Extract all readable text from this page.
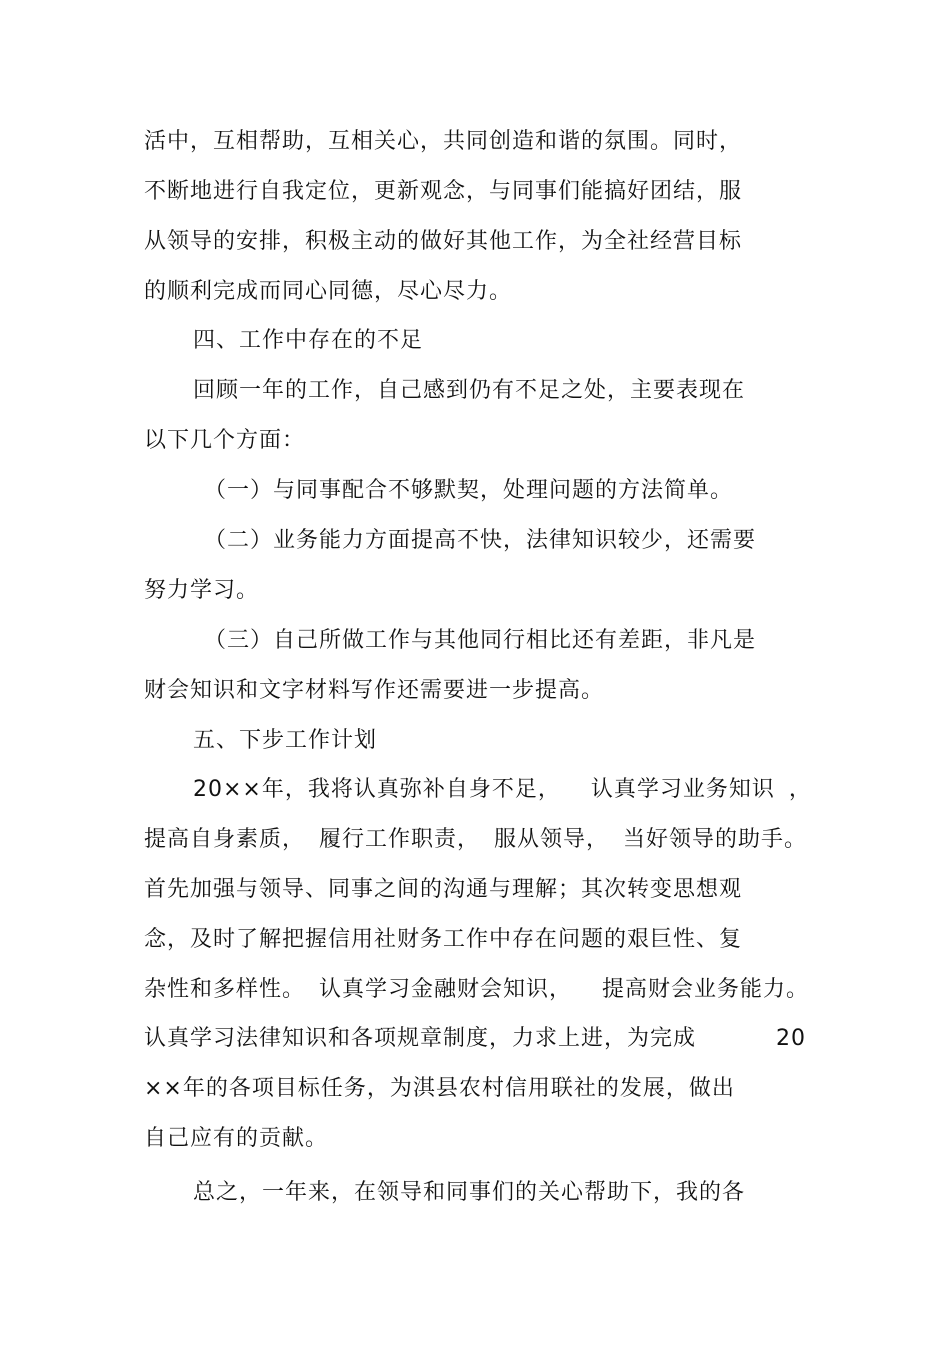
活中，互相帮助，互相关心，共同创造和谐的氛围。同时，
不断地进行自我定位，更新观念，与同事们能搞好团结，服
从领导的安排，积极主动的做好其他工作，为全社经营目标
的顺利完成而同心同德，尽心尽力。
四、工作中存在的不足
回顾一年的工作，自己感到仍有不足之处，主要表现在
以下几个方面：
（一）与同事配合不够默契，处理问题的方法简单。
（二）业务能力方面提高不快，法律知识较少，还需要
努力学习。
（三）自己所做工作与其他同行相比还有差距，非凡是
财会知识和文字材料写作还需要进一步提高。
五、下步工作计划
20××年，我将认真弥补自身不足， 认真学习业务知识 ，
提高自身素质， 履行工作职责， 服从领导， 当好领导的助手。
首先加强与领导、同事之间的沟通与理解；其次转变思想观
念，及时了解把握信用社财务工作中存在问题的艰巨性、复
杂性和多样性。 认真学习金融财会知识， 提高财会业务能力。
认真学习法律知识和各项规章制度，力求上进，为完成	20
××年的各项目标任务，为淇县农村信用联社的发展，做出
自己应有的贡献。
总之，一年来，在领导和同事们的关心帮助下，我的各
